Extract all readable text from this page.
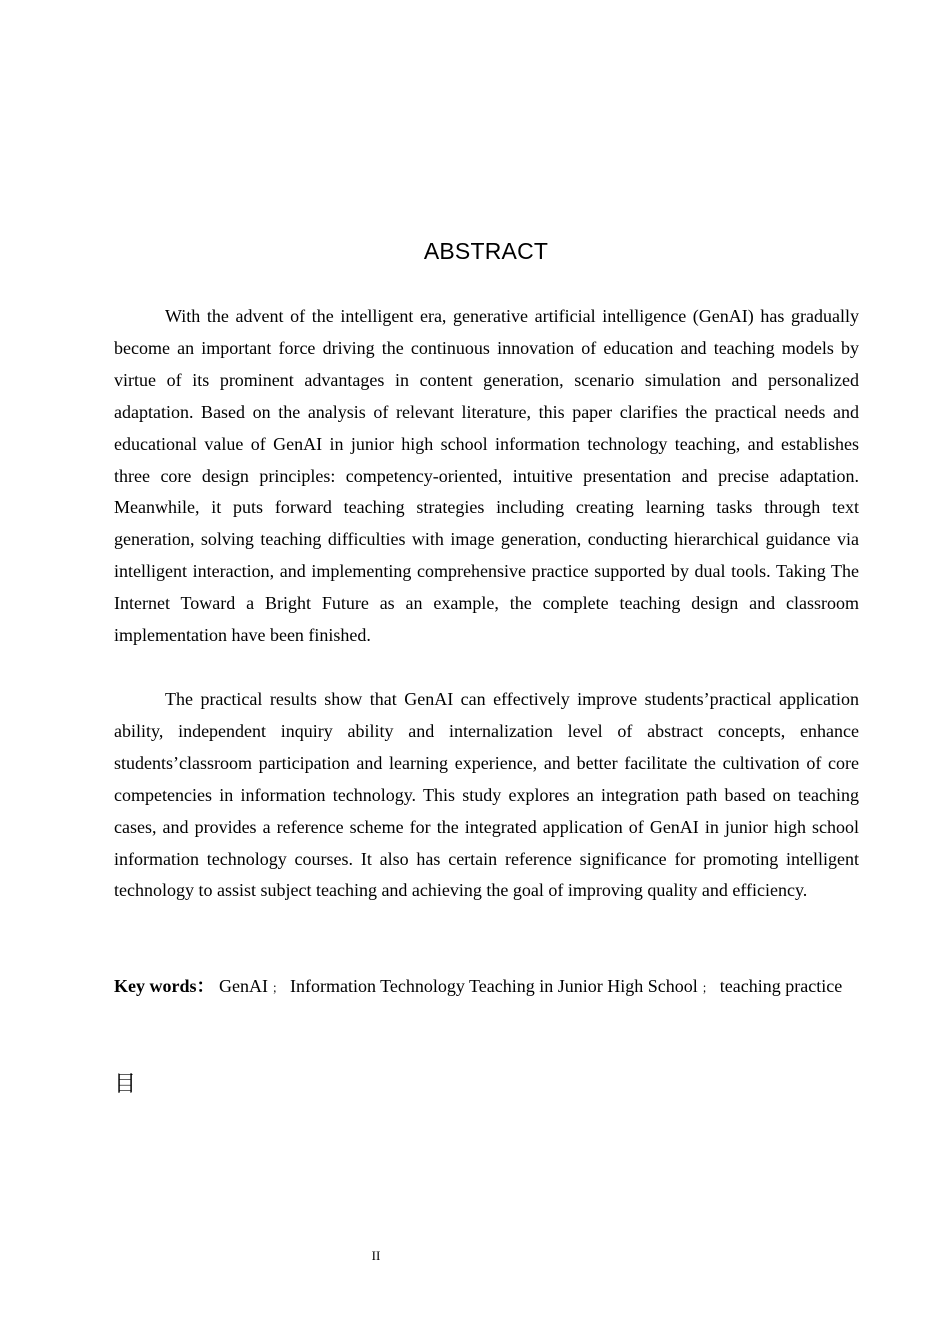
ABSTRACT

With the advent of the intelligent era, generative artificial intelligence (GenAI) has gradually become an important force driving the continuous innovation of education and teaching models by virtue of its prominent advantages in content generation, scenario simulation and personalized adaptation. Based on the analysis of relevant literature, this paper clarifies the practical needs and educational value of GenAI in junior high school information technology teaching, and establishes three core design principles: competency-oriented, intuitive presentation and precise adaptation. Meanwhile, it puts forward teaching strategies including creating learning tasks through text generation, solving teaching difficulties with image generation, conducting hierarchical guidance via intelligent interaction, and implementing comprehensive practice supported by dual tools. Taking The Internet Toward a Bright Future as an example, the complete teaching design and classroom implementation have been finished.

The practical results show that GenAI can effectively improve students’practical application ability, independent inquiry ability and internalization level of abstract concepts, enhance students’classroom participation and learning experience, and better facilitate the cultivation of core competencies in information technology. This study explores an integration path based on teaching cases, and provides a reference scheme for the integrated application of GenAI in junior high school information technology courses. It also has certain reference significance for promoting intelligent technology to assist subject teaching and achieving the goal of improving quality and efficiency.

Key words： GenAI ； Information Technology Teaching in Junior High School ； teaching practice

目
II
